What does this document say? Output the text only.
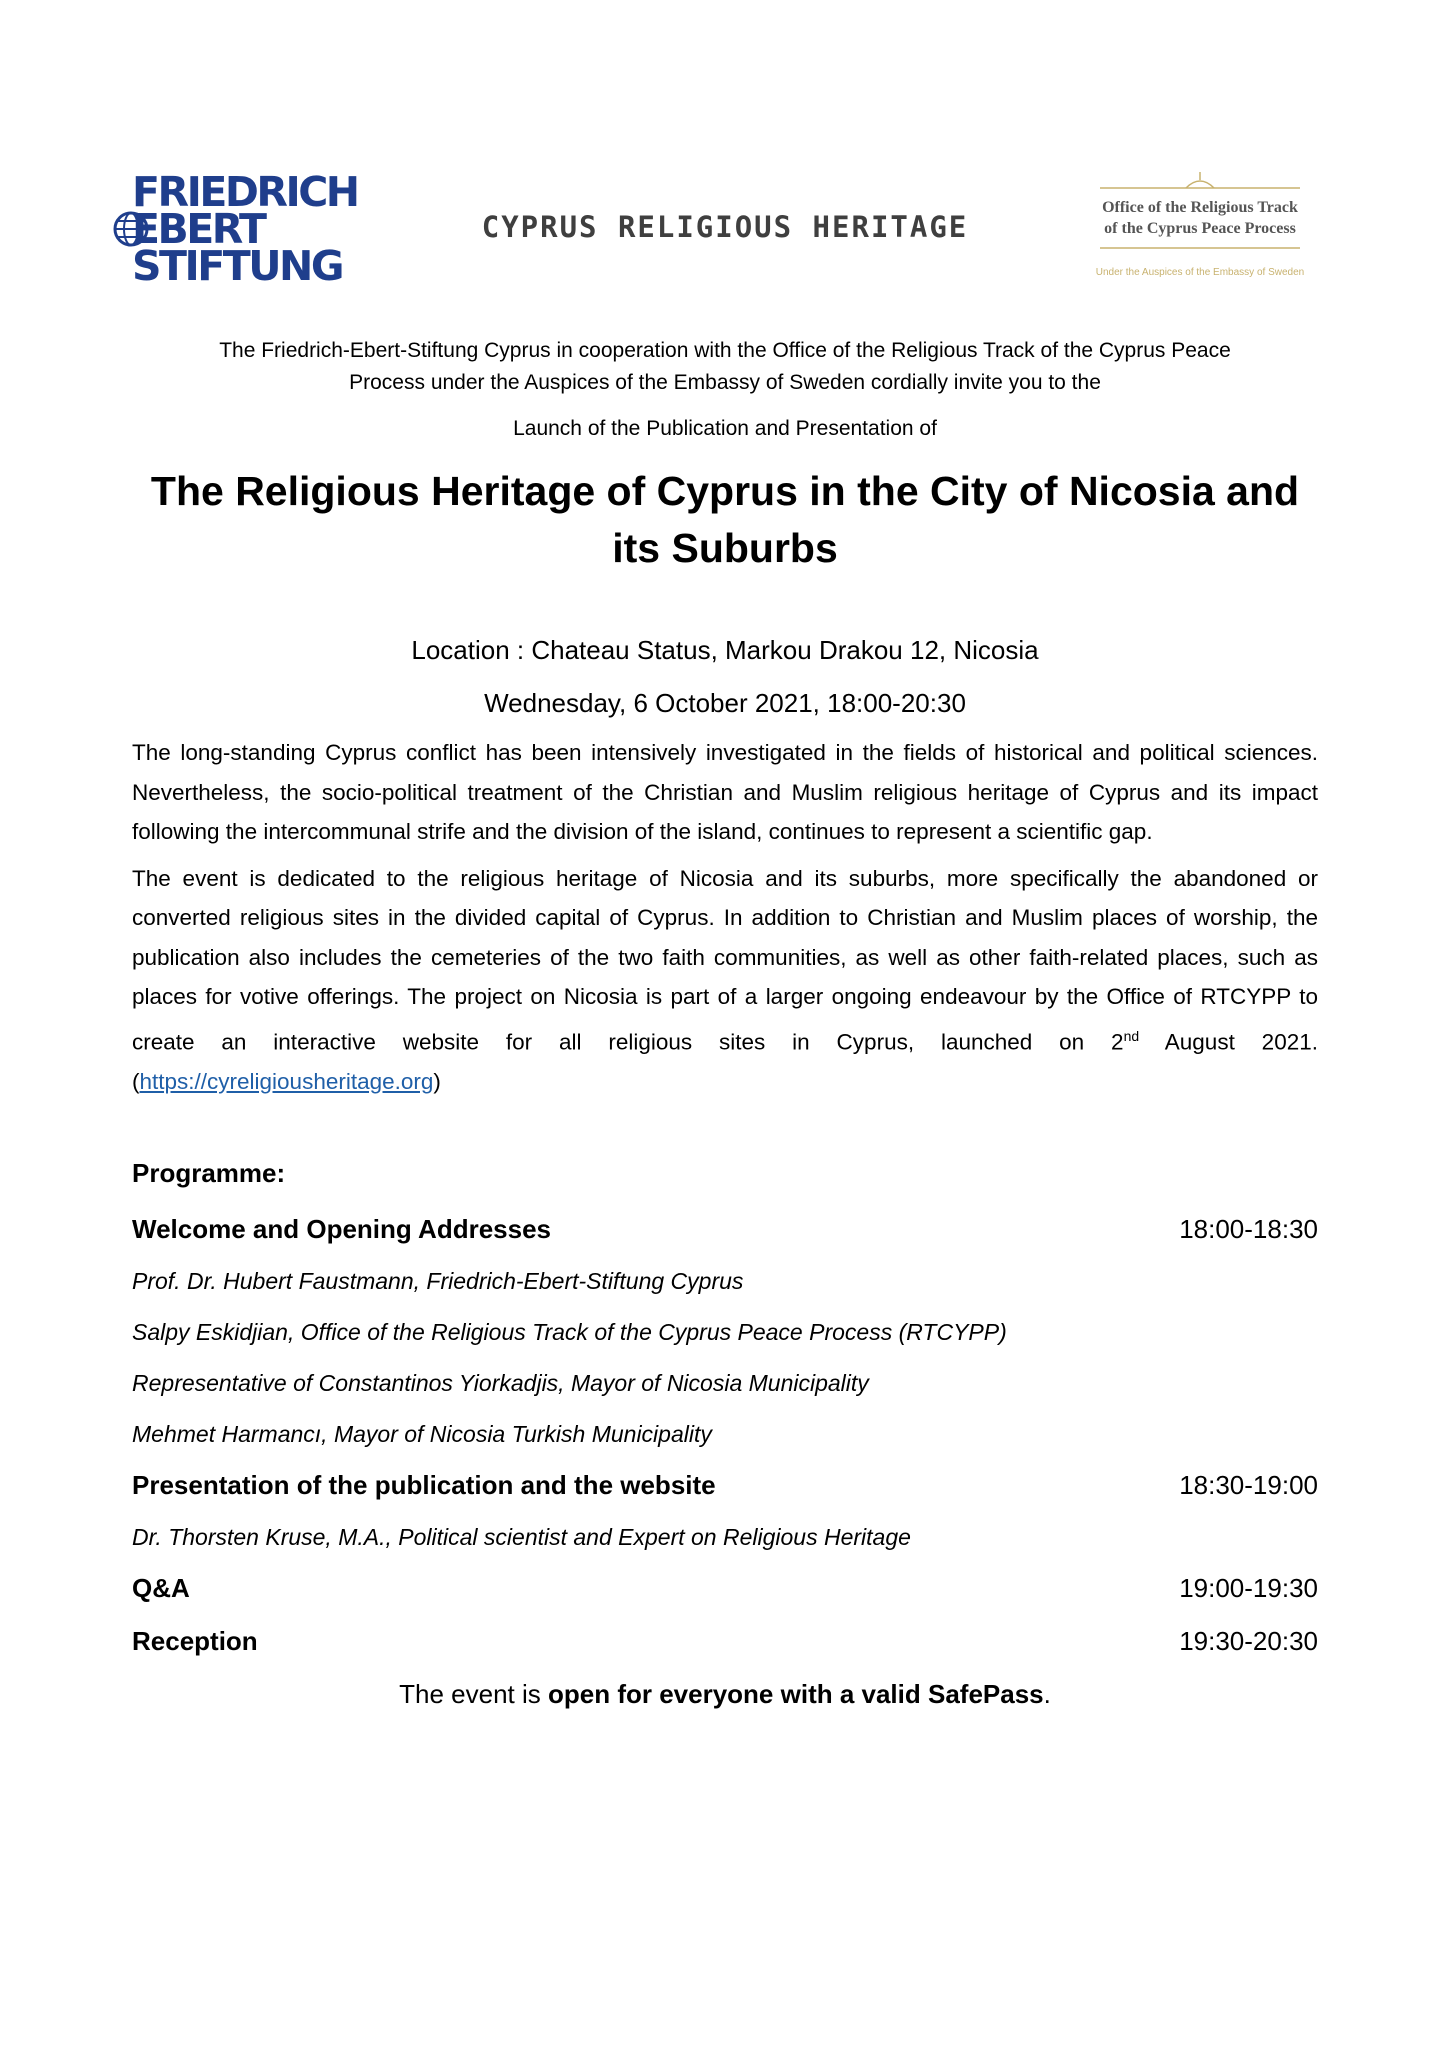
FRIEDRICH
EBERT
STIFTUNG
CYPRUS RELIGIOUS HERITAGE
Office of the Religious Track
of the Cyprus Peace Process
Under the Auspices of the Embassy of Sweden
The Friedrich-Ebert-Stiftung Cyprus in cooperation with the Office of the Religious Track of the Cyprus Peace
Process under the Auspices of the Embassy of Sweden cordially invite you to the
Launch of the Publication and Presentation of
The Religious Heritage of Cyprus in the City of Nicosia and
its Suburbs
Location : Chateau Status, Markou Drakou 12, Nicosia
Wednesday, 6 October 2021, 18:00-20:30
The long-standing Cyprus conflict has been intensively investigated in the fields of historical and political sciences. Nevertheless, the socio-political treatment of the Christian and Muslim religious heritage of Cyprus and its impact following the intercommunal strife and the division of the island, continues to represent a scientific gap.
The event is dedicated to the religious heritage of Nicosia and its suburbs, more specifically the abandoned or converted religious sites in the divided capital of Cyprus. In addition to Christian and Muslim places of worship, the publication also includes the cemeteries of the two faith communities, as well as other faith-related places, such as places for votive offerings. The project on Nicosia is part of a larger ongoing endeavour by the Office of RTCYPP to create an interactive website for all religious sites in Cyprus, launched on 2nd August 2021. (https://cyreligiousheritage.org)
Programme:
Welcome and Opening Addresses	18:00-18:30
Prof. Dr. Hubert Faustmann, Friedrich-Ebert-Stiftung Cyprus
Salpy Eskidjian, Office of the Religious Track of the Cyprus Peace Process (RTCYPP)
Representative of Constantinos Yiorkadjis, Mayor of Nicosia Municipality
Mehmet Harmancı, Mayor of Nicosia Turkish Municipality
Presentation of the publication and the website	18:30-19:00
Dr. Thorsten Kruse, M.A., Political scientist and Expert on Religious Heritage
Q&A	19:00-19:30
Reception	19:30-20:30
The event is open for everyone with a valid SafePass.
